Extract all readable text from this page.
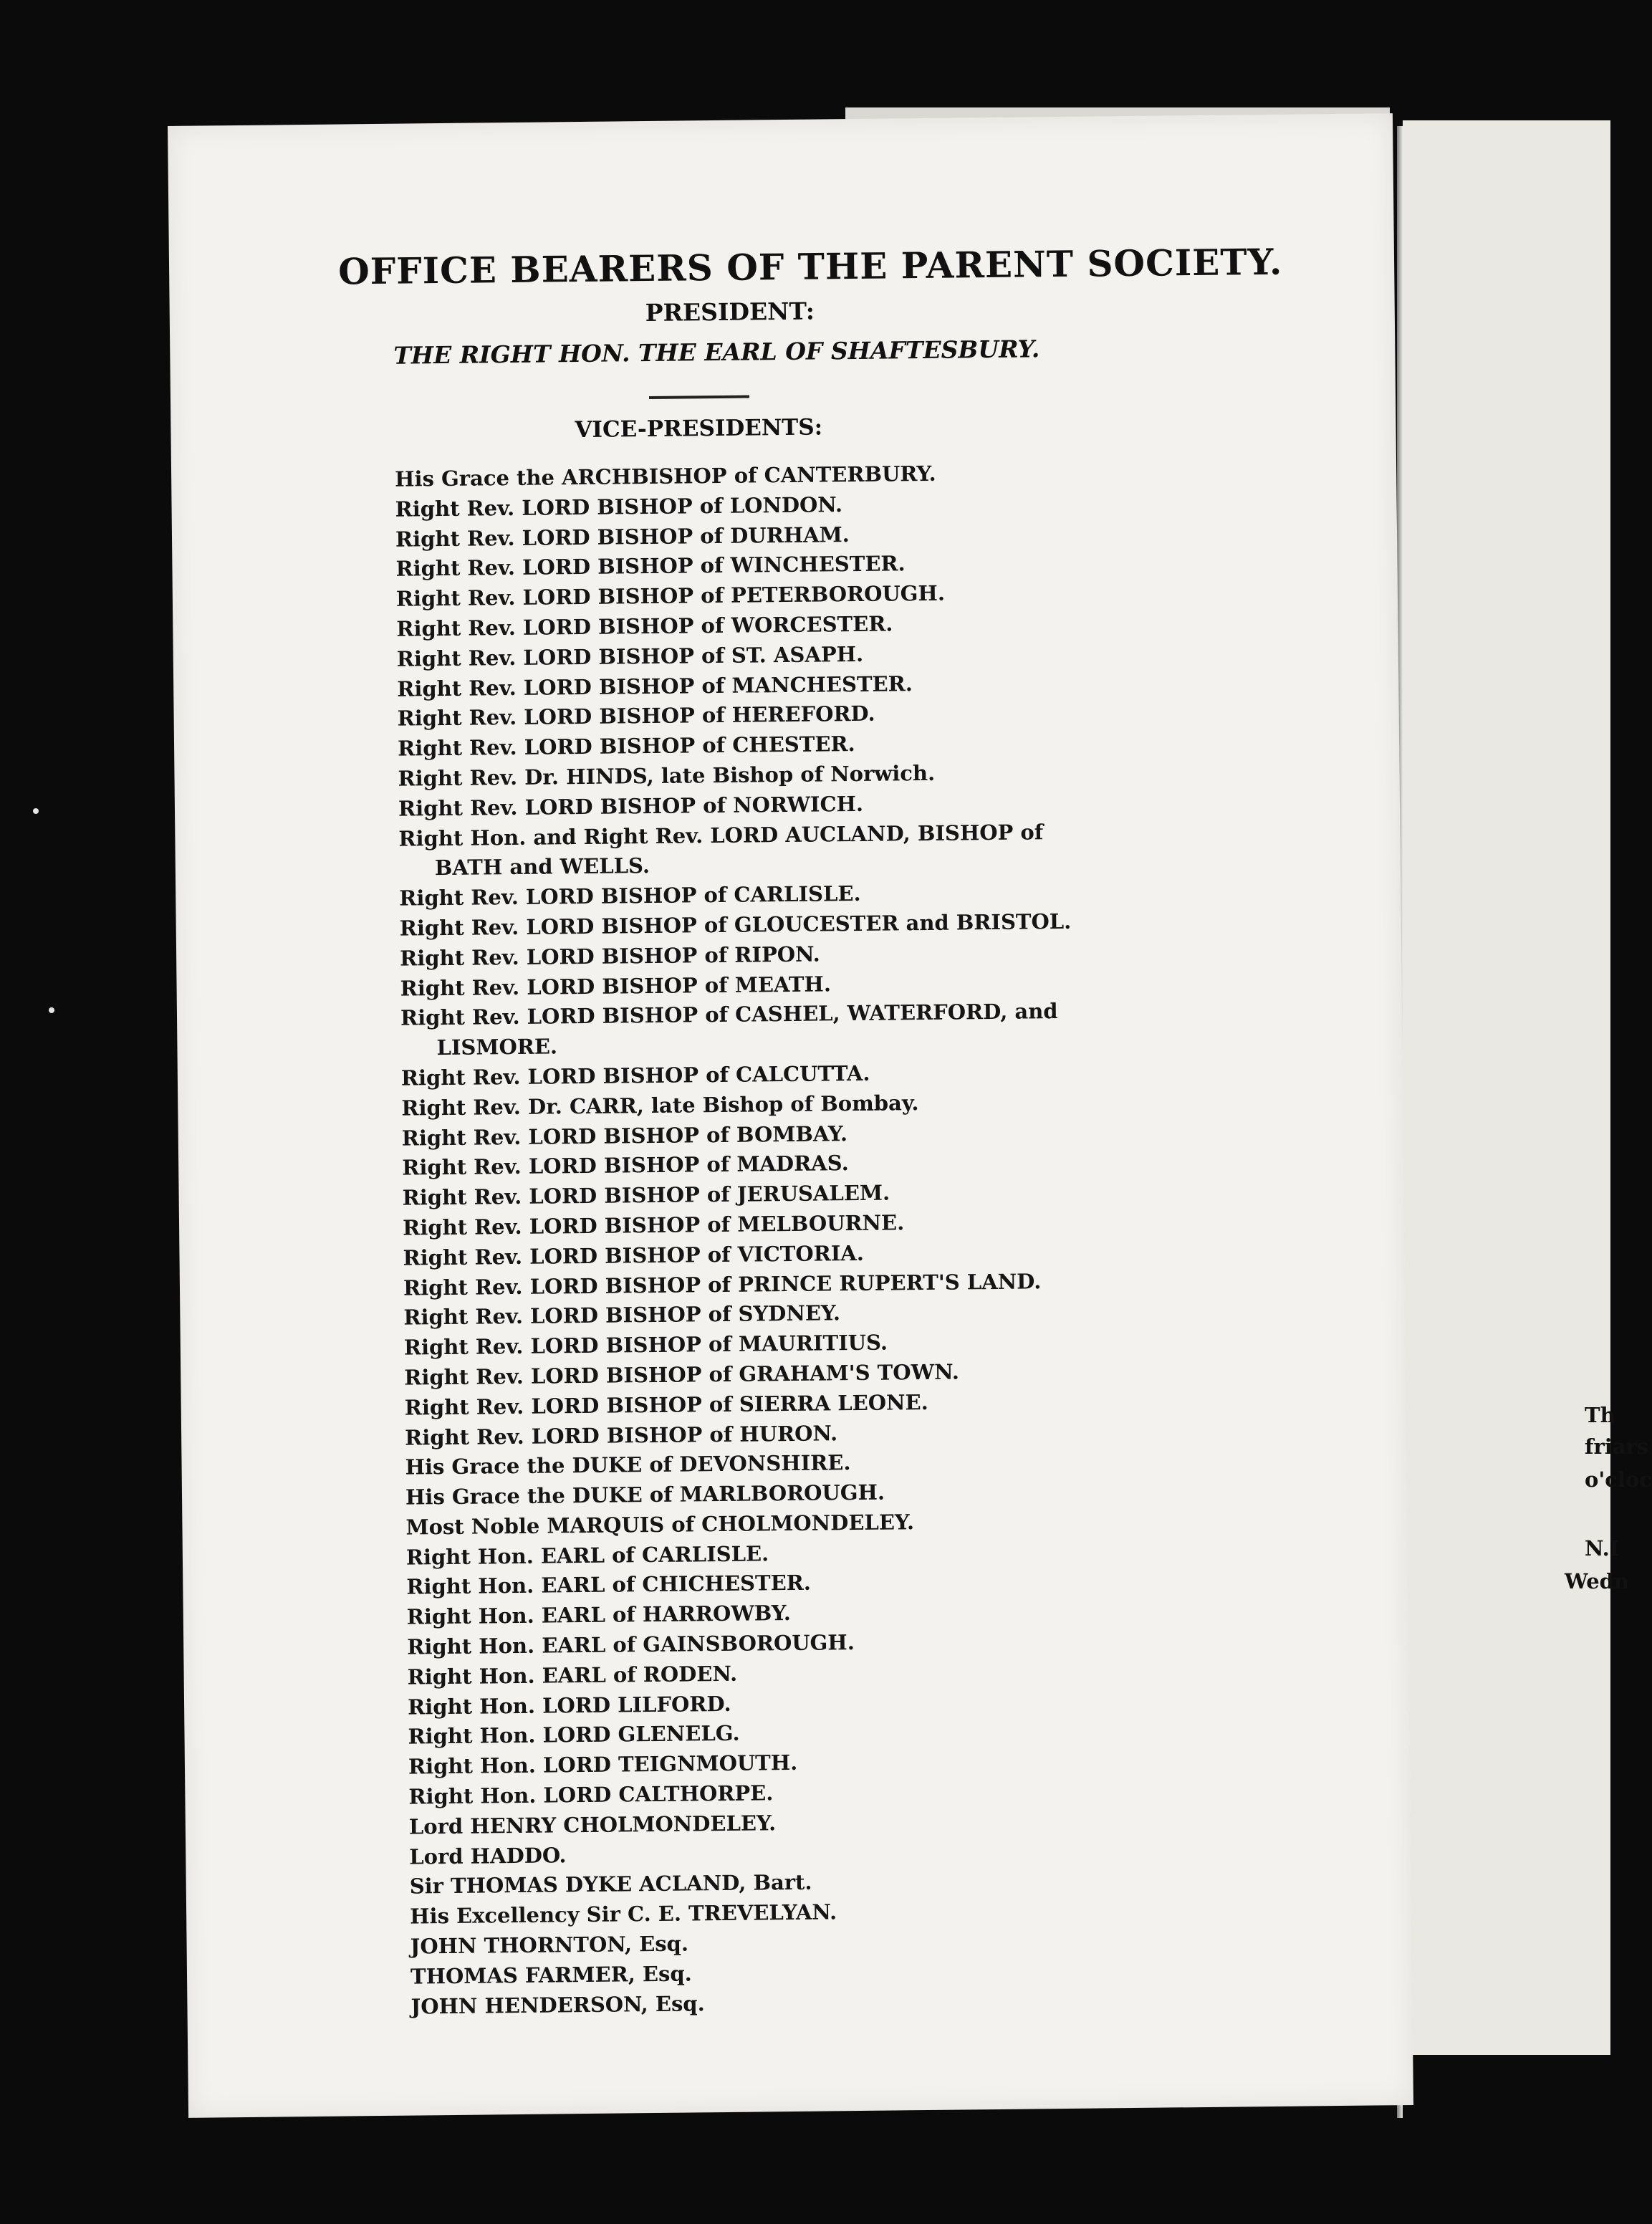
Th
friars
o'cloc
N.I
Wedn
OFFICE BEARERS OF THE PARENT SOCIETY.
PRESIDENT:
THE RIGHT HON. THE EARL OF SHAFTESBURY.
VICE-PRESIDENTS:
His Grace the ARCHBISHOP of CANTERBURY.
Right Rev. LORD BISHOP of LONDON.
Right Rev. LORD BISHOP of DURHAM.
Right Rev. LORD BISHOP of WINCHESTER.
Right Rev. LORD BISHOP of PETERBOROUGH.
Right Rev. LORD BISHOP of WORCESTER.
Right Rev. LORD BISHOP of ST. ASAPH.
Right Rev. LORD BISHOP of MANCHESTER.
Right Rev. LORD BISHOP of HEREFORD.
Right Rev. LORD BISHOP of CHESTER.
Right Rev. Dr. HINDS, late Bishop of Norwich.
Right Rev. LORD BISHOP of NORWICH.
Right Hon. and Right Rev. LORD AUCLAND, BISHOP of
BATH and WELLS.
Right Rev. LORD BISHOP of CARLISLE.
Right Rev. LORD BISHOP of GLOUCESTER and BRISTOL.
Right Rev. LORD BISHOP of RIPON.
Right Rev. LORD BISHOP of MEATH.
Right Rev. LORD BISHOP of CASHEL, WATERFORD, and
LISMORE.
Right Rev. LORD BISHOP of CALCUTTA.
Right Rev. Dr. CARR, late Bishop of Bombay.
Right Rev. LORD BISHOP of BOMBAY.
Right Rev. LORD BISHOP of MADRAS.
Right Rev. LORD BISHOP of JERUSALEM.
Right Rev. LORD BISHOP of MELBOURNE.
Right Rev. LORD BISHOP of VICTORIA.
Right Rev. LORD BISHOP of PRINCE RUPERT'S LAND.
Right Rev. LORD BISHOP of SYDNEY.
Right Rev. LORD BISHOP of MAURITIUS.
Right Rev. LORD BISHOP of GRAHAM'S TOWN.
Right Rev. LORD BISHOP of SIERRA LEONE.
Right Rev. LORD BISHOP of HURON.
His Grace the DUKE of DEVONSHIRE.
His Grace the DUKE of MARLBOROUGH.
Most Noble MARQUIS of CHOLMONDELEY.
Right Hon. EARL of CARLISLE.
Right Hon. EARL of CHICHESTER.
Right Hon. EARL of HARROWBY.
Right Hon. EARL of GAINSBOROUGH.
Right Hon. EARL of RODEN.
Right Hon. LORD LILFORD.
Right Hon. LORD GLENELG.
Right Hon. LORD TEIGNMOUTH.
Right Hon. LORD CALTHORPE.
Lord HENRY CHOLMONDELEY.
Lord HADDO.
Sir THOMAS DYKE ACLAND, Bart.
His Excellency Sir C. E. TREVELYAN.
JOHN THORNTON, Esq.
THOMAS FARMER, Esq.
JOHN HENDERSON, Esq.
